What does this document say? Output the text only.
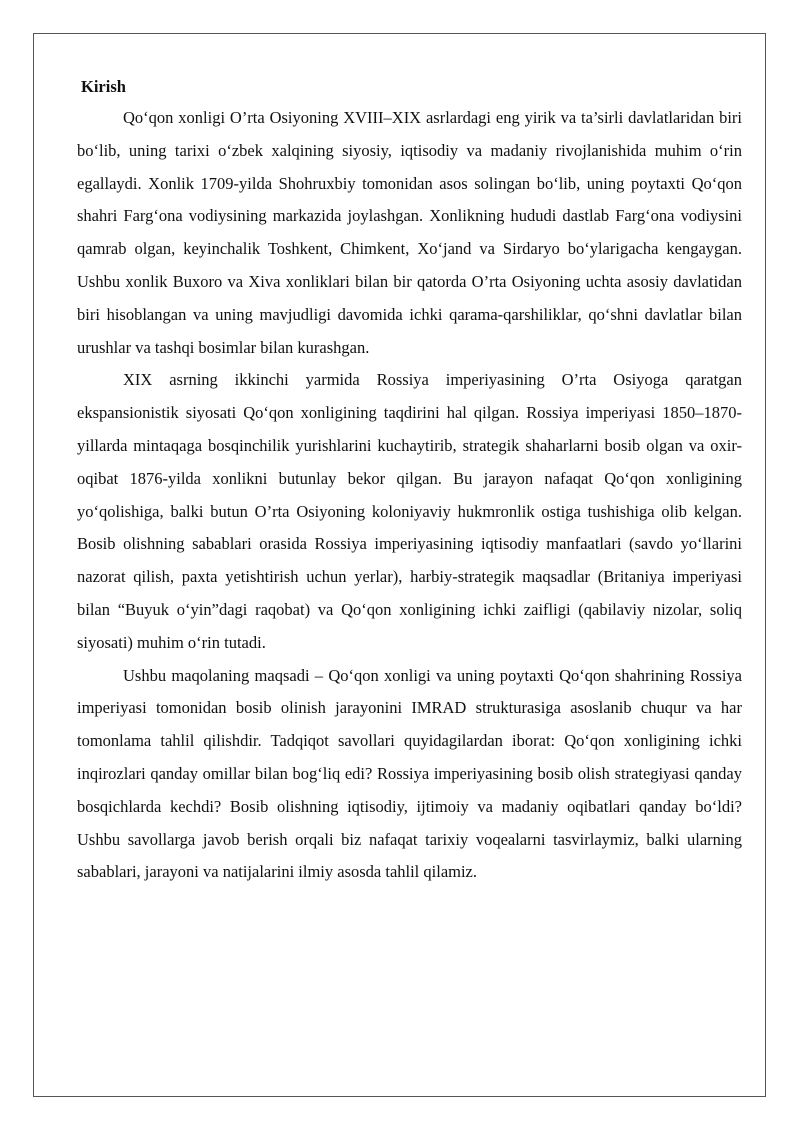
Kirish

Qo‘qon xonligi O’rta Osiyoning XVIII–XIX asrlardagi eng yirik va ta’sirli davlatlaridan biri bo‘lib, uning tarixi o‘zbek xalqining siyosiy, iqtisodiy va madaniy rivojlanishida muhim o‘rin egallaydi. Xonlik 1709-yilda Shohruxbiy tomonidan asos solingan bo‘lib, uning poytaxti Qo‘qon shahri Farg‘ona vodiysining markazida joylashgan. Xonlikning hududi dastlab Farg‘ona vodiysini qamrab olgan, keyinchalik Toshkent, Chimkent, Xo‘jand va Sirdaryo bo‘ylarigacha kengaygan. Ushbu xonlik Buxoro va Xiva xonliklari bilan bir qatorda O’rta Osiyoning uchta asosiy davlatidan biri hisoblangan va uning mavjudligi davomida ichki qarama-qarshiliklar, qo‘shni davlatlar bilan urushlar va tashqi bosimlar bilan kurashgan.

XIX asrning ikkinchi yarmida Rossiya imperiyasining O’rta Osiyoga qaratgan ekspansionistik siyosati Qo‘qon xonligining taqdirini hal qilgan. Rossiya imperiyasi 1850–1870-yillarda mintaqaga bosqinchilik yurishlarini kuchaytirib, strategik shaharlarni bosib olgan va oxir-oqibat 1876-yilda xonlikni butunlay bekor qilgan. Bu jarayon nafaqat Qo‘qon xonligining yo‘qolishiga, balki butun O’rta Osiyoning koloniyaviy hukmronlik ostiga tushishiga olib kelgan. Bosib olishning sabablari orasida Rossiya imperiyasining iqtisodiy manfaatlari (savdo yo‘llarini nazorat qilish, paxta yetishtirish uchun yerlar), harbiy-strategik maqsadlar (Britaniya imperiyasi bilan “Buyuk o‘yin”dagi raqobat) va Qo‘qon xonligining ichki zaifligi (qabilaviy nizolar, soliq siyosati) muhim o‘rin tutadi.

Ushbu maqolaning maqsadi – Qo‘qon xonligi va uning poytaxti Qo‘qon shahrining Rossiya imperiyasi tomonidan bosib olinish jarayonini IMRAD strukturasiga asoslanib chuqur va har tomonlama tahlil qilishdir. Tadqiqot savollari quyidagilardan iborat: Qo‘qon xonligining ichki inqirozlari qanday omillar bilan bog‘liq edi? Rossiya imperiyasining bosib olish strategiyasi qanday bosqichlarda kechdi? Bosib olishning iqtisodiy, ijtimoiy va madaniy oqibatlari qanday bo‘ldi? Ushbu savollarga javob berish orqali biz nafaqat tarixiy voqealarni tasvirlaymiz, balki ularning sabablari, jarayoni va natijalarini ilmiy asosda tahlil qilamiz.
